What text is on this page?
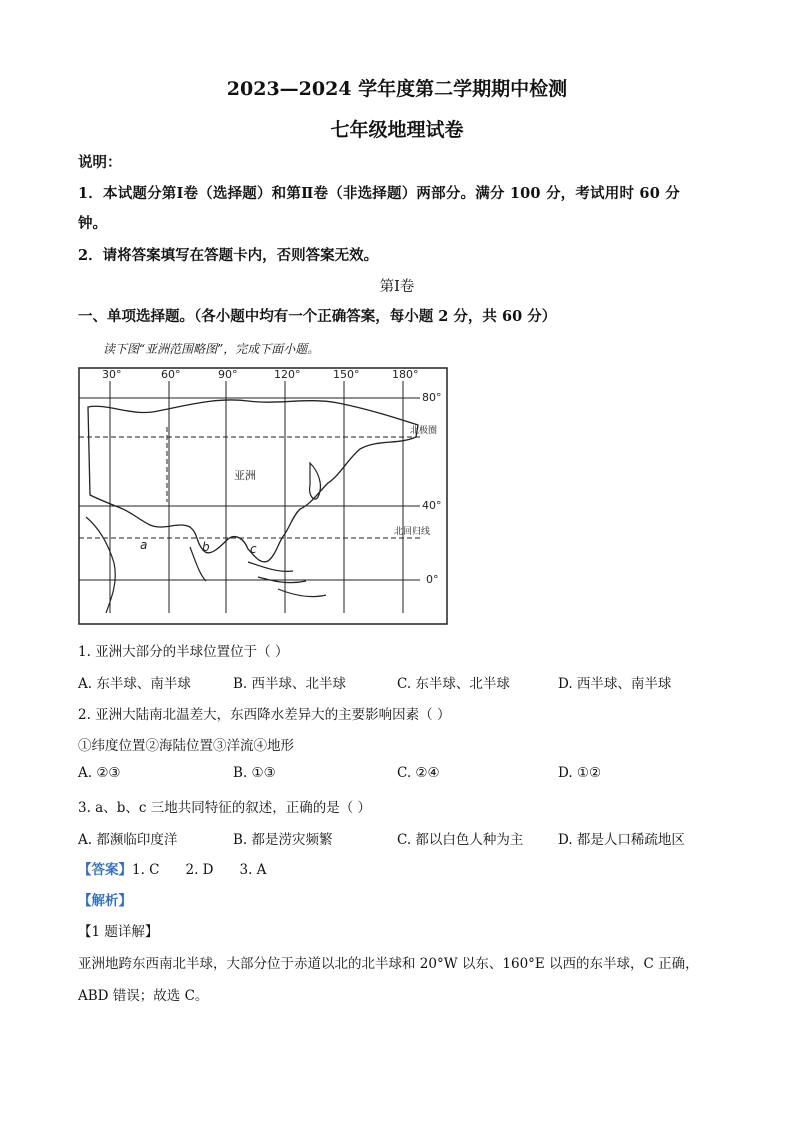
2023—2024 学年度第二学期期中检测
七年级地理试卷
说明：
1．本试题分第Ⅰ卷（选择题）和第Ⅱ卷（非选择题）两部分。满分 100 分，考试用时 60 分
钟。
2．请将答案填写在答题卡内，否则答案无效。
第Ⅰ卷
一、单项选择题。（各小题中均有一个正确答案，每小题 2 分，共 60 分）
读下图“亚洲范围略图”，完成下面小题。
30°	60°	90°	120°	150°	180°
80°
40°
0°
北极圈
北回归线
亚洲
a	b	c
1. 亚洲大部分的半球位置位于（ ）
A. 东半球、南半球	B. 西半球、北半球	C. 东半球、北半球	D. 西半球、南半球
2. 亚洲大陆南北温差大，东西降水差异大的主要影响因素（ ）
①纬度位置②海陆位置③洋流④地形
A. ②③	B. ①③	C. ②④	D. ①②
3. a、b、c 三地共同特征的叙述，正确的是（ ）
A. 都濒临印度洋	B. 都是涝灾频繁	C. 都以白色人种为主	D. 都是人口稀疏地区
【答案】1. C 2. D 3. A
【解析】
【1 题详解】
亚洲地跨东西南北半球，大部分位于赤道以北的北半球和 20°W 以东、160°E 以西的东半球，C 正确，
ABD 错误；故选 C。
